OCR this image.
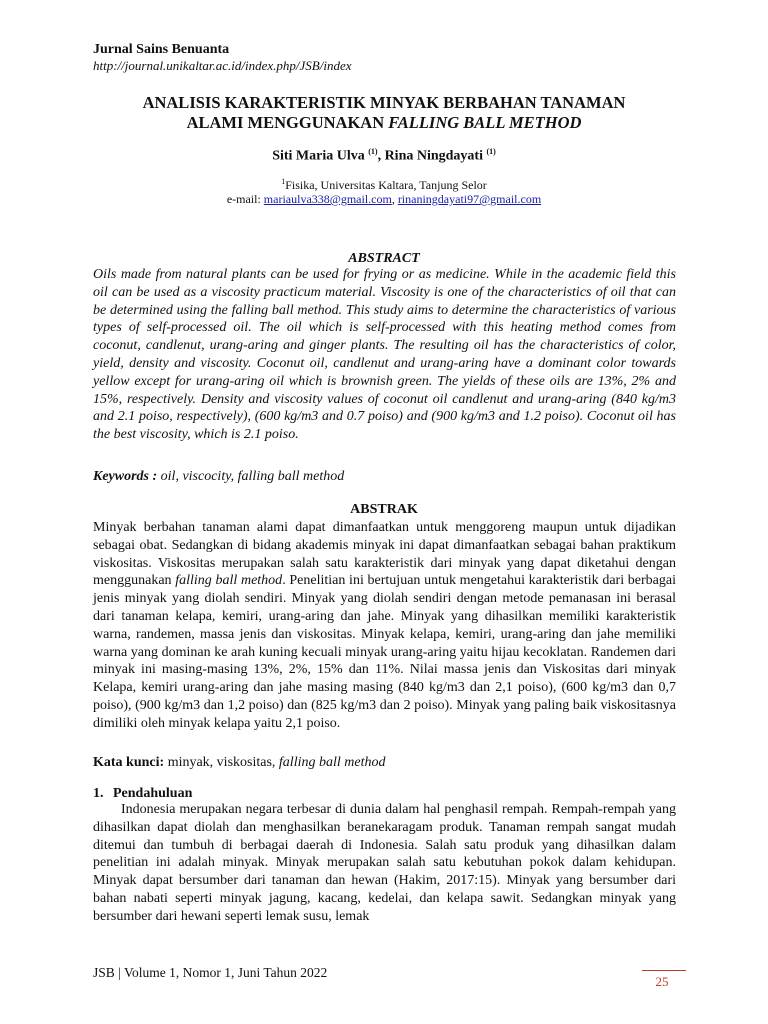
Jurnal Sains Benuanta
http://journal.unikaltar.ac.id/index.php/JSB/index
ANALISIS KARAKTERISTIK MINYAK BERBAHAN TANAMAN
ALAMI MENGGUNAKAN FALLING BALL METHOD
Siti Maria Ulva $^{(1)}$, Rina Ningdayati $^{(1)}$
$^1$Fisika, Universitas Kaltara, Tanjung Selor
e-mail: mariaulva338@gmail.com, rinaningdayati97@gmail.com
ABSTRACT
Oils made from natural plants can be used for frying or as medicine. While in the academic field this oil can be used as a viscosity practicum material. Viscosity is one of the characteristics of oil that can be determined using the falling ball method. This study aims to determine the characteristics of various types of self-processed oil. The oil which is self-processed with this heating method comes from coconut, candlenut, urang-aring and ginger plants. The resulting oil has the characteristics of color, yield, density and viscosity. Coconut oil, candlenut and urang-aring have a dominant color towards yellow except for urang-aring oil which is brownish green. The yields of these oils are 13%, 2% and 15%, respectively. Density and viscosity values of coconut oil candlenut and urang-aring (840 kg/m3 and 2.1 poiso, respectively), (600 kg/m3 and 0.7 poiso) and (900 kg/m3 and 1.2 poiso). Coconut oil has the best viscosity, which is 2.1 poiso.
Keywords : oil, viscocity, falling ball method
ABSTRAK
Minyak berbahan tanaman alami dapat dimanfaatkan untuk menggoreng maupun untuk dijadikan sebagai obat. Sedangkan di bidang akademis minyak ini dapat dimanfaatkan sebagai bahan praktikum viskositas. Viskositas merupakan salah satu karakteristik dari minyak yang dapat diketahui dengan menggunakan falling ball method. Penelitian ini bertujuan untuk mengetahui karakteristik dari berbagai jenis minyak yang diolah sendiri. Minyak yang diolah sendiri dengan metode pemanasan ini berasal dari tanaman kelapa, kemiri, urang-aring dan jahe. Minyak yang dihasilkan memiliki karakteristik warna, randemen, massa jenis dan viskositas. Minyak kelapa, kemiri, urang-aring dan jahe memiliki warna yang dominan ke arah kuning kecuali minyak urang-aring yaitu hijau kecoklatan. Randemen dari minyak ini masing-masing 13%, 2%, 15% dan 11%. Nilai massa jenis dan Viskositas dari minyak Kelapa, kemiri urang-aring dan jahe masing masing (840 kg/m3 dan 2,1 poiso), (600 kg/m3 dan 0,7 poiso), (900 kg/m3 dan 1,2 poiso) dan (825 kg/m3 dan 2 poiso). Minyak yang paling baik viskositasnya dimiliki oleh minyak kelapa yaitu 2,1 poiso.
Kata kunci: minyak, viskositas, falling ball method
1. Pendahuluan
Indonesia merupakan negara terbesar di dunia dalam hal penghasil rempah. Rempah-rempah yang dihasilkan dapat diolah dan menghasilkan beranekaragam produk. Tanaman rempah sangat mudah ditemui dan tumbuh di berbagai daerah di Indonesia. Salah satu produk yang dihasilkan dalam penelitian ini adalah minyak. Minyak merupakan salah satu kebutuhan pokok dalam kehidupan. Minyak dapat bersumber dari tanaman dan hewan (Hakim, 2017:15). Minyak yang bersumber dari bahan nabati seperti minyak jagung, kacang, kedelai, dan kelapa sawit. Sedangkan minyak yang bersumber dari hewani seperti lemak susu, lemak
JSB | Volume 1, Nomor 1, Juni Tahun 2022
25
